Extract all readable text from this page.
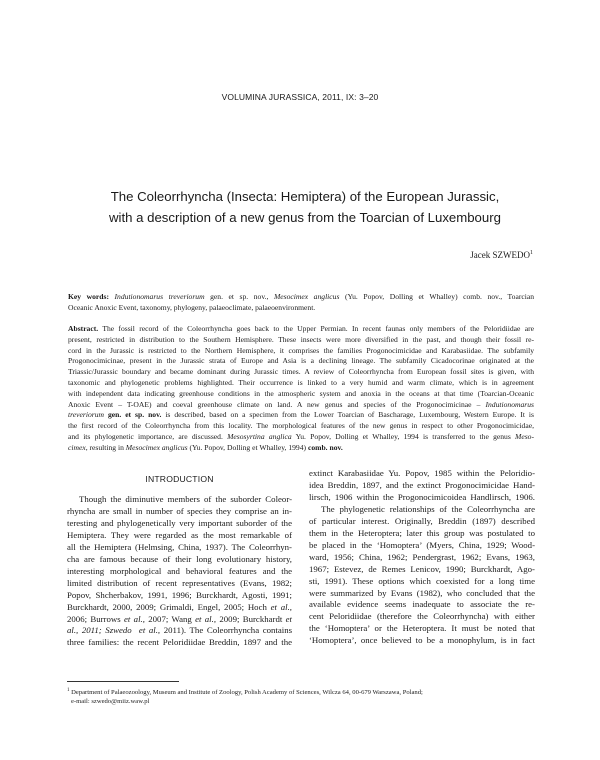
VOLUMINA JURASSICA, 2011, IX: 3–20
The Coleorrhyncha (Insecta: Hemiptera) of the European Jurassic,
with a description of a new genus from the Toarcian of Luxembourg
Jacek SZWEDO$^1$
Key words: Indutionomarus treveriorum gen. et sp. nov., Mesocimex anglicus (Yu. Popov, Dolling et Whalley) comb. nov., Toarcian
Oceanic Anoxic Event, taxonomy, phylogeny, palaeoclimate, palaeoenvironment.
Abstract. The fossil record of the Coleorrhyncha goes back to the Upper Permian. In recent faunas only members of the Peloridiidae are
present, restricted in distribution to the Southern Hemisphere. These insects were more diversified in the past, and though their fossil re-
cord in the Jurassic is restricted to the Northern Hemisphere, it comprises the families Progonocimicidae and Karabasiidae. The subfamily
Progonocimicinae, present in the Jurassic strata of Europe and Asia is a declining lineage. The subfamily Cicadocorinae originated at the
Triassic/Jurassic boundary and became dominant during Jurassic times. A review of Coleorrhyncha from European fossil sites is given, with
taxonomic and phylogenetic problems highlighted. Their occurrence is linked to a very humid and warm climate, which is in agreement
with independent data indicating greenhouse conditions in the atmospheric system and anoxia in the oceans at that time (Toarcian-Oceanic
Anoxic Event – T-OAE) and coeval greenhouse climate on land. A new genus and species of the Progonocimicinae – Indutionomarus
treveriorum gen. et sp. nov. is described, based on a specimen from the Lower Toarcian of Bascharage, Luxembourg, Western Europe. It is
the first record of the Coleorrhyncha from this locality. The morphological features of the new genus in respect to other Progonocimicidae,
and its phylogenetic importance, are discussed. Mesosyrtina anglica Yu. Popov, Dolling et Whalley, 1994 is transferred to the genus Meso-
cimex, resulting in Mesocimex anglicus (Yu. Popov, Dolling et Whalley, 1994) comb. nov.
INTRODUCTION
Though the diminutive members of the suborder Coleor-
rhyncha are small in number of species they comprise an in-
teresting and phylogenetically very important suborder of the
Hemiptera. They were regarded as the most remarkable of
all the Hemiptera (Helmsing, China, 1937). The Coleorrhyn-
cha are famous because of their long evolutionary history,
interesting morphological and behavioral features and the
limited distribution of recent representatives (Evans, 1982;
Popov, Shcherbakov, 1991, 1996; Burckhardt, Agosti, 1991;
Burckhardt, 2000, 2009; Grimaldi, Engel, 2005; Hoch et al.,
2006; Burrows et al., 2007; Wang et al., 2009; Burckhardt et
al., 2011; Szwedo  et al., 2011). The Coleorrhyncha contains
three families: the recent Peloridiidae Breddin, 1897 and the
extinct Karabasiidae Yu. Popov, 1985 within the Peloridio-
idea Breddin, 1897, and the extinct Progonocimicidae Hand-
lirsch, 1906 within the Progonocimicoidea Handlirsch, 1906.
The phylogenetic relationships of the Coleorrhyncha are
of particular interest. Originally, Breddin (1897) described
them in the Heteroptera; later this group was postulated to
be placed in the ‘Homoptera’ (Myers, China, 1929; Wood-
ward, 1956; China, 1962; Pendergrast, 1962; Evans, 1963,
1967; Estevez, de Remes Lenicov, 1990; Burckhardt, Ago-
sti, 1991). These options which coexisted for a long time
were summarized by Evans (1982), who concluded that the
available evidence seems inadequate to associate the re-
cent Peloridiidae (therefore the Coleorrhyncha) with either
the ‘Homoptera’ or the Heteroptera. It must be noted that
‘Homoptera’, once believed to be a monophylum, is in fact
$^1$ Department of Palaeozoology, Museum and Institute of Zoology, Polish Academy of Sciences, Wilcza 64, 00-679 Warszawa, Poland;
e-mail: szwedo@miiz.waw.pl
